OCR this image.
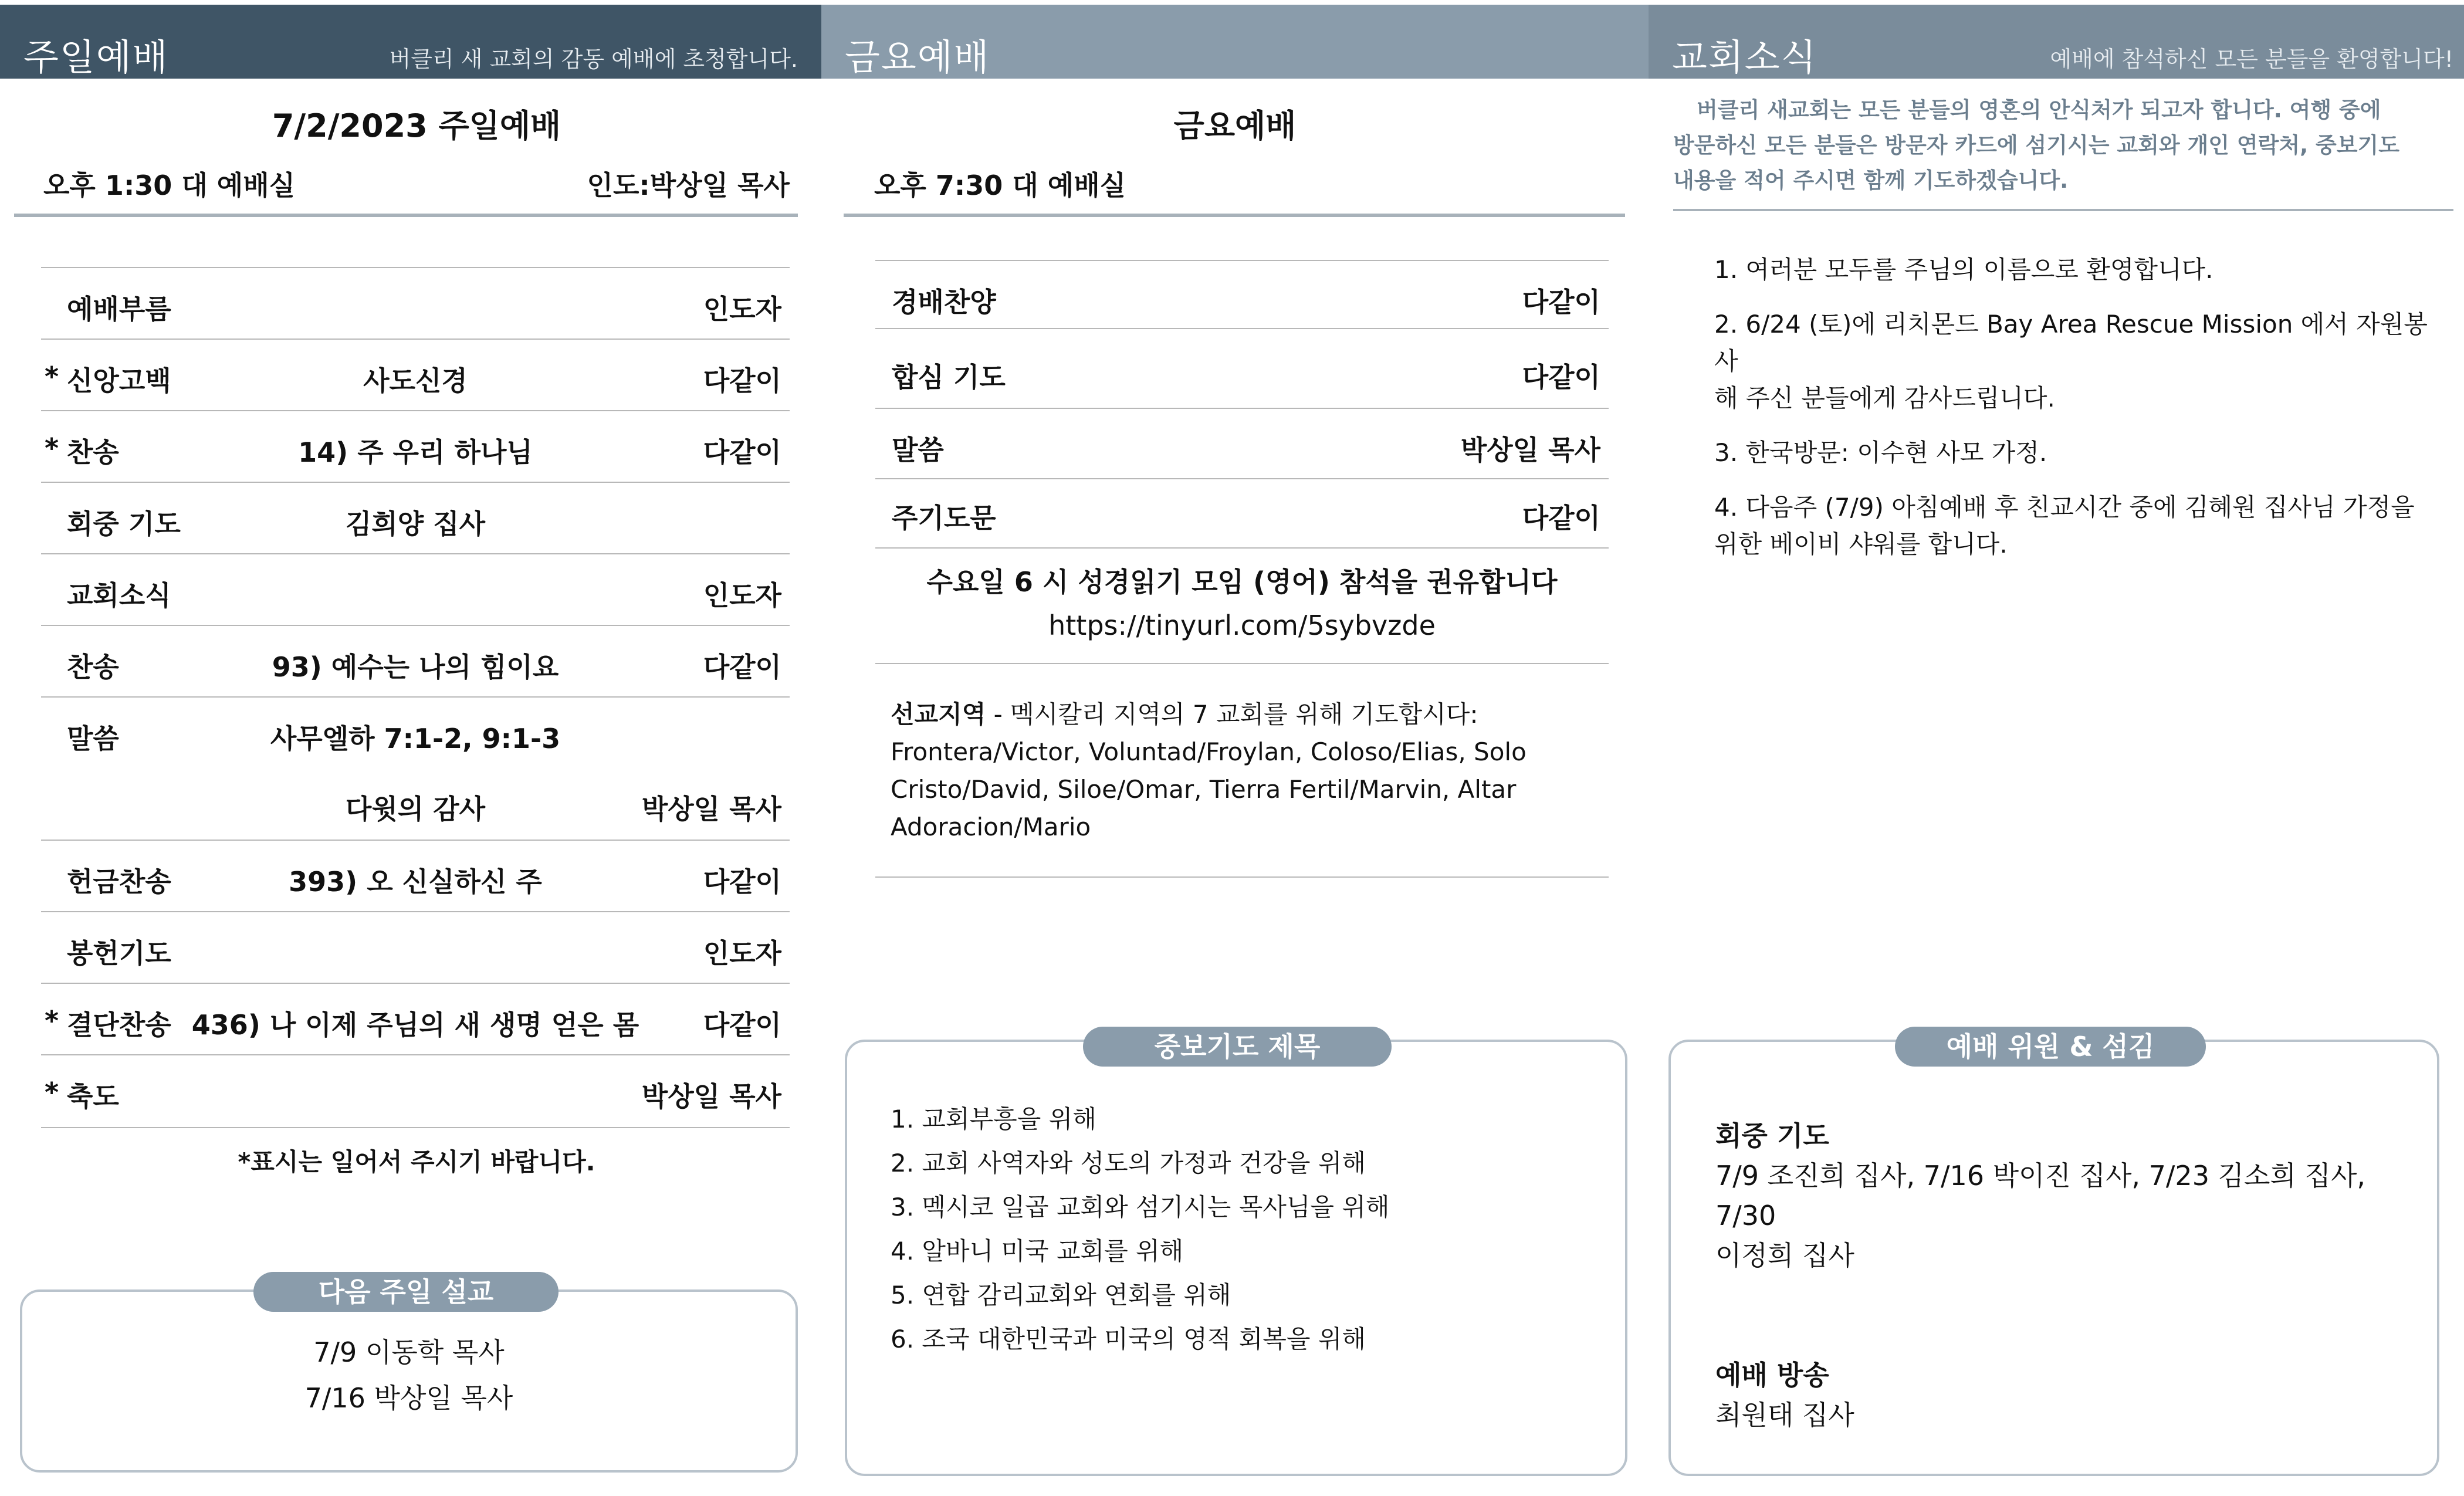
주일예배	버클리 새 교회의 감동 예배에 초청합니다.
7/2/2023 주일예배
오후 1:30 대 예배실	인도:박상일 목사
예배부름	인도자
* 신앙고백	사도신경	다같이
* 찬송	14) 주 우리 하나님	다같이
회중 기도	김희양 집사
교회소식	인도자
찬송	93) 예수는 나의 힘이요	다같이
말씀	사무엘하 7:1-2, 9:1-3
다윗의 감사	박상일 목사
헌금찬송	393) 오 신실하신 주	다같이
봉헌기도	인도자
* 결단찬송 436) 나 이제 주님의 새 생명 얻은 몸	다같이
* 축도	박상일 목사
*표시는 일어서 주시기 바랍니다.
7/9 이동학 목사
7/16 박상일 목사
다음 주일 설교
금요예배
금요예배
오후 7:30 대 예배실
경배찬양	다같이
합심 기도	다같이
말씀	박상일 목사
주기도문	다같이
수요일 6 시 성경읽기 모임 (영어) 참석을 권유합니다
https://tinyurl.com/5sybvzde
선교지역 - 멕시칼리 지역의 7 교회를 위해 기도합시다:
Frontera/Victor, Voluntad/Froylan, Coloso/Elias, Solo
Cristo/David, Siloe/Omar, Tierra Fertil/Marvin, Altar
Adoracion/Mario
1. 교회부흥을 위해
2. 교회 사역자와 성도의 가정과 건강을 위해
3. 멕시코 일곱 교회와 섬기시는 목사님을 위해
4. 알바니 미국 교회를 위해
5. 연합 감리교회와 연회를 위해
6. 조국 대한민국과 미국의 영적 회복을 위해
중보기도 제목
교회소식	예배에 참석하신 모든 분들을 환영합니다!
버클리 새교회는 모든 분들의 영혼의 안식처가 되고자 합니다. 여행 중에
방문하신 모든 분들은 방문자 카드에 섬기시는 교회와 개인 연락처, 중보기도
내용을 적어 주시면 함께 기도하겠습니다.
1. 여러분 모두를 주님의 이름으로 환영합니다.
2. 6/24 (토)에 리치몬드 Bay Area Rescue Mission 에서 자원봉사
해 주신 분들에게 감사드립니다.
3. 한국방문: 이수현 사모 가정.
4. 다음주 (7/9) 아침예배 후 친교시간 중에 김혜원 집사님 가정을
위한 베이비 샤워를 합니다.
회중 기도
7/9 조진희 집사, 7/16 박이진 집사, 7/23 김소희 집사, 7/30
이정희 집사
예배 방송
최원태 집사
예배 위원 & 섬김
